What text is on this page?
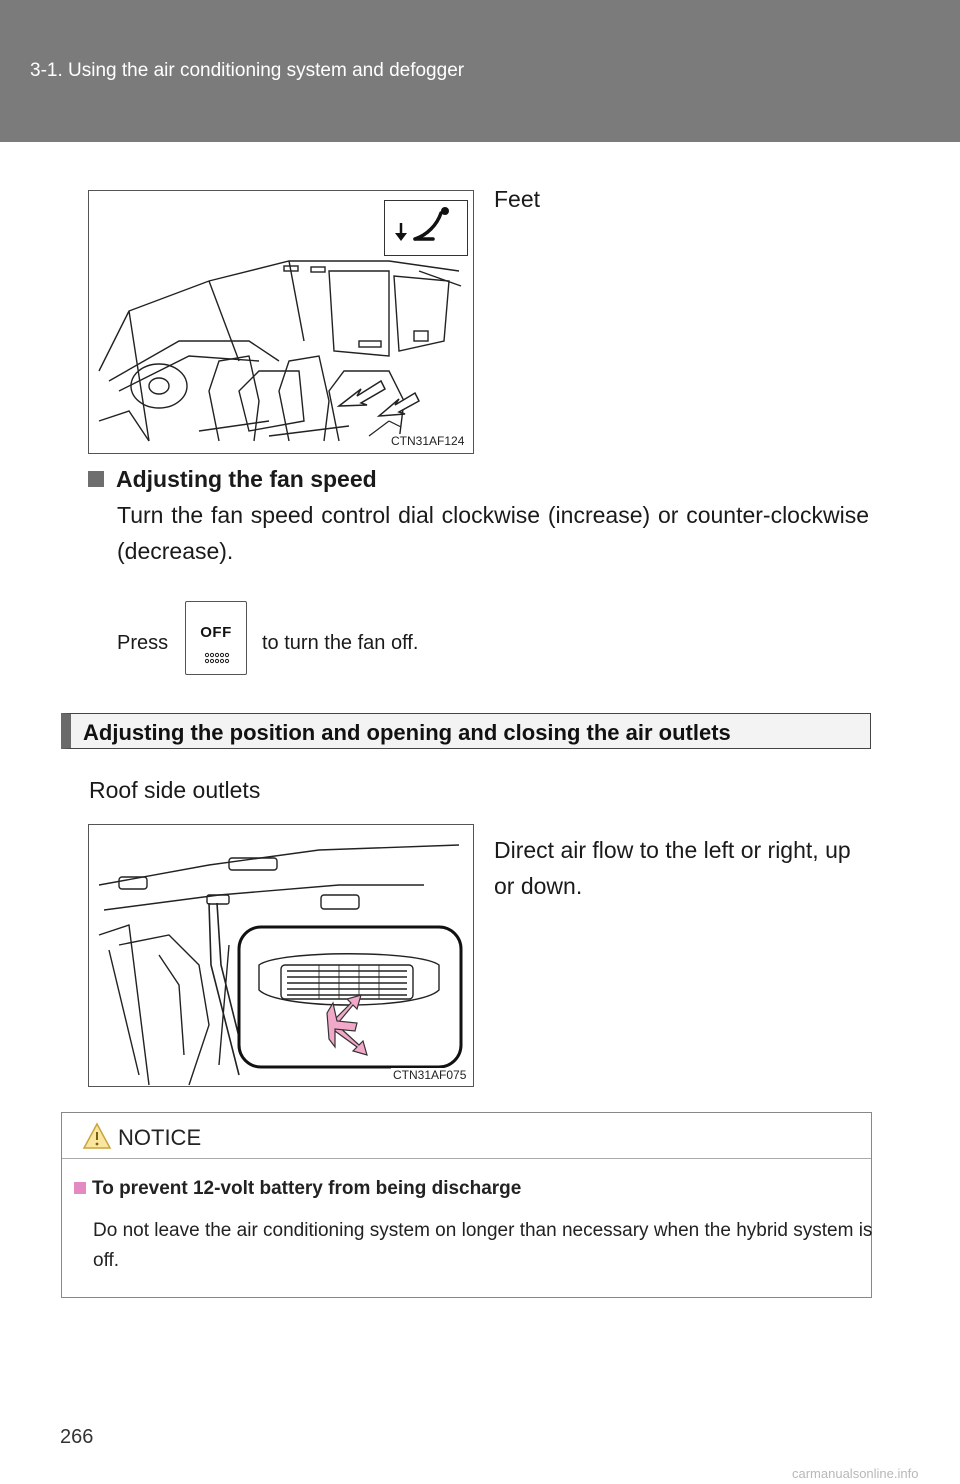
3-1. Using the air conditioning system and defogger
CTN31AF124
Feet
Adjusting the fan speed
Turn the fan speed control dial clockwise (increase) or counter-clockwise (decrease).
Press	OFF	to turn the fan off.
Adjusting the position and opening and closing the air outlets
Roof side outlets
CTN31AF075
Direct air flow to the left or right, up or down.
NOTICE
To prevent 12-volt battery from being discharge
Do not leave the air conditioning system on longer than necessary when the hybrid system is off.
266
carmanualsonline.info
